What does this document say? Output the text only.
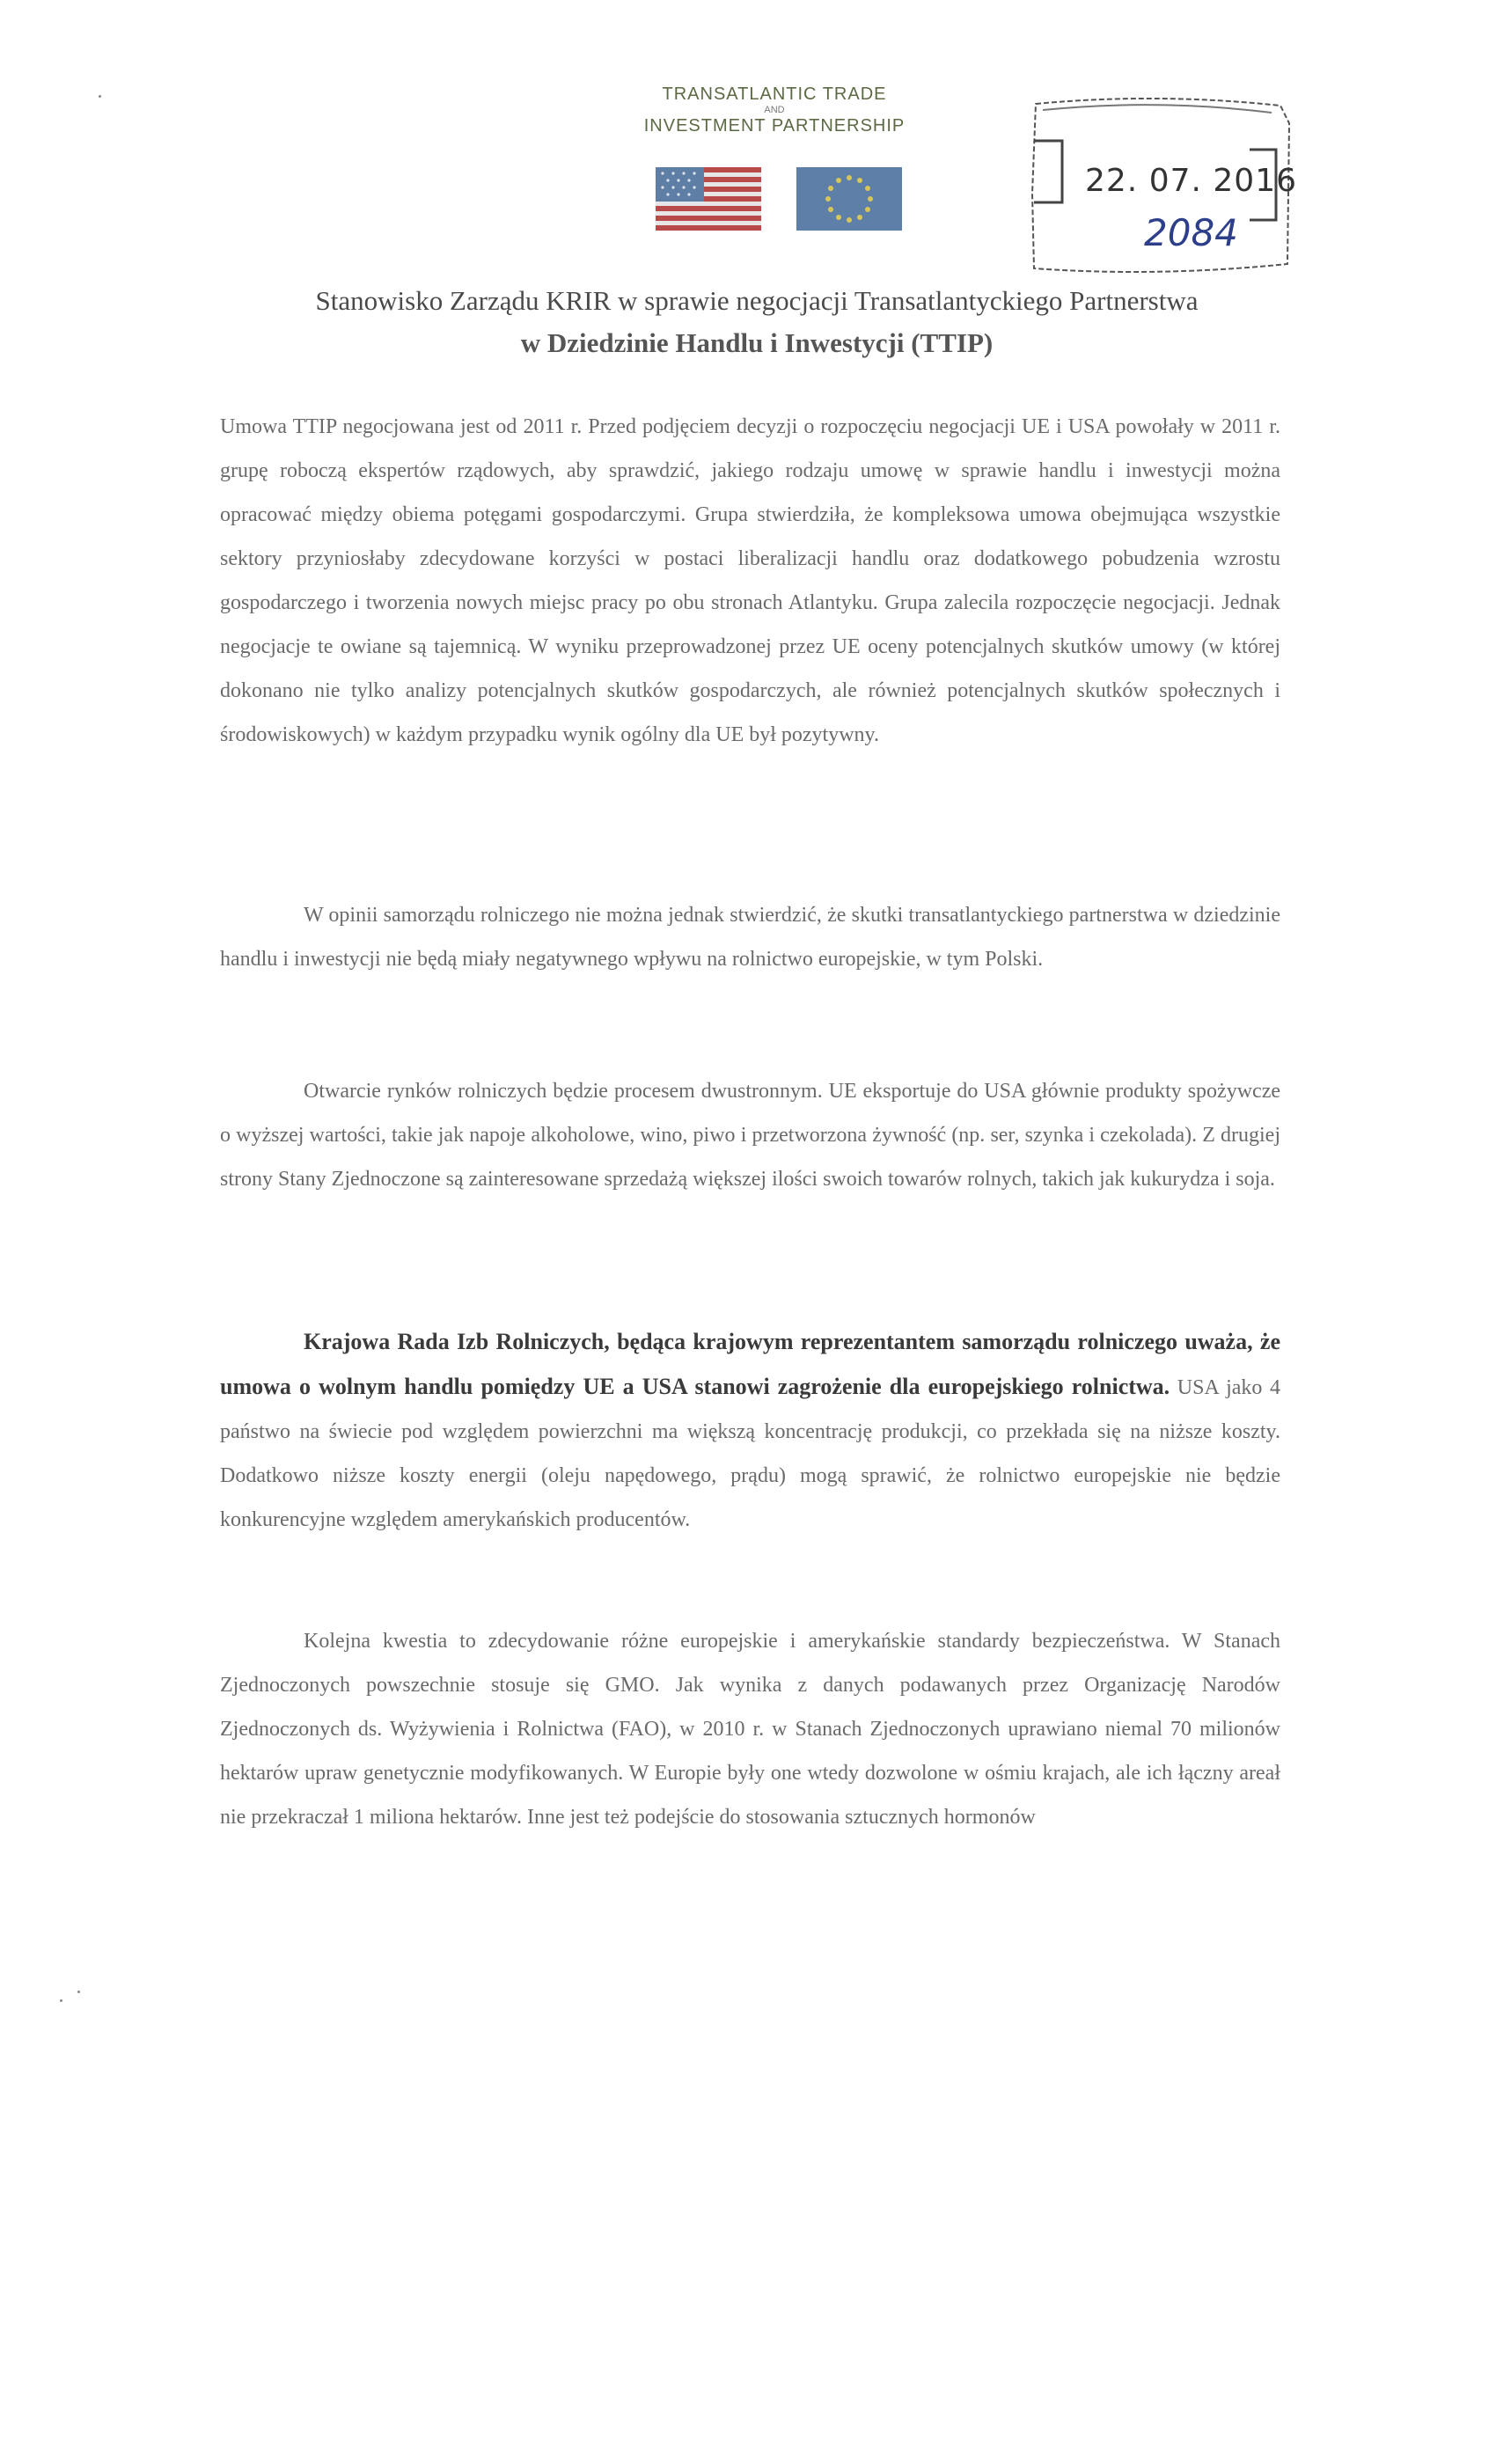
TRANSATLANTIC TRADE
AND
INVESTMENT PARTNERSHIP
22. 07. 2016
2084
Stanowisko Zarządu KRIR w sprawie negocjacji Transatlantyckiego Partnerstwa
w Dziedzinie Handlu i Inwestycji (TTIP)

Umowa TTIP negocjowana jest od 2011 r. Przed podjęciem decyzji o rozpoczęciu negocjacji UE i USA powołały w 2011 r. grupę roboczą ekspertów rządowych, aby sprawdzić, jakiego rodzaju umowę w sprawie handlu i inwestycji można opracować między obiema potęgami gospodarczymi. Grupa stwierdziła, że kompleksowa umowa obejmująca wszystkie sektory przyniosłaby zdecydowane korzyści w postaci liberalizacji handlu oraz dodatkowego pobudzenia wzrostu gospodarczego i tworzenia nowych miejsc pracy po obu stronach Atlantyku. Grupa zalecila rozpoczęcie negocjacji. Jednak negocjacje te owiane są tajemnicą. W wyniku przeprowadzonej przez UE oceny potencjalnych skutków umowy (w której dokonano nie tylko analizy potencjalnych skutków gospodarczych, ale również potencjalnych skutków społecznych i środowiskowych) w każdym przypadku wynik ogólny dla UE był pozytywny.

W opinii samorządu rolniczego nie można jednak stwierdzić, że skutki transatlantyckiego partnerstwa w dziedzinie handlu i inwestycji nie będą miały negatywnego wpływu na rolnictwo europejskie, w tym Polski.

Otwarcie rynków rolniczych będzie procesem dwustronnym. UE eksportuje do USA głównie produkty spożywcze o wyższej wartości, takie jak napoje alkoholowe, wino, piwo i przetworzona żywność (np. ser, szynka i czekolada). Z drugiej strony Stany Zjednoczone są zainteresowane sprzedażą większej ilości swoich towarów rolnych, takich jak kukurydza i soja.

Krajowa Rada Izb Rolniczych, będąca krajowym reprezentantem samorządu rolniczego uważa, że umowa o wolnym handlu pomiędzy UE a USA stanowi zagrożenie dla europejskiego rolnictwa. USA jako 4 państwo na świecie pod względem powierzchni ma większą koncentrację produkcji, co przekłada się na niższe koszty. Dodatkowo niższe koszty energii (oleju napędowego, prądu) mogą sprawić, że rolnictwo europejskie nie będzie konkurencyjne względem amerykańskich producentów.

Kolejna kwestia to zdecydowanie różne europejskie i amerykańskie standardy bezpieczeństwa. W Stanach Zjednoczonych powszechnie stosuje się GMO. Jak wynika z danych podawanych przez Organizację Narodów Zjednoczonych ds. Wyżywienia i Rolnictwa (FAO), w 2010 r. w Stanach Zjednoczonych uprawiano niemal 70 milionów hektarów upraw genetycznie modyfikowanych. W Europie były one wtedy dozwolone w ośmiu krajach, ale ich łączny areał nie przekraczał 1 miliona hektarów. Inne jest też podejście do stosowania sztucznych hormonów
